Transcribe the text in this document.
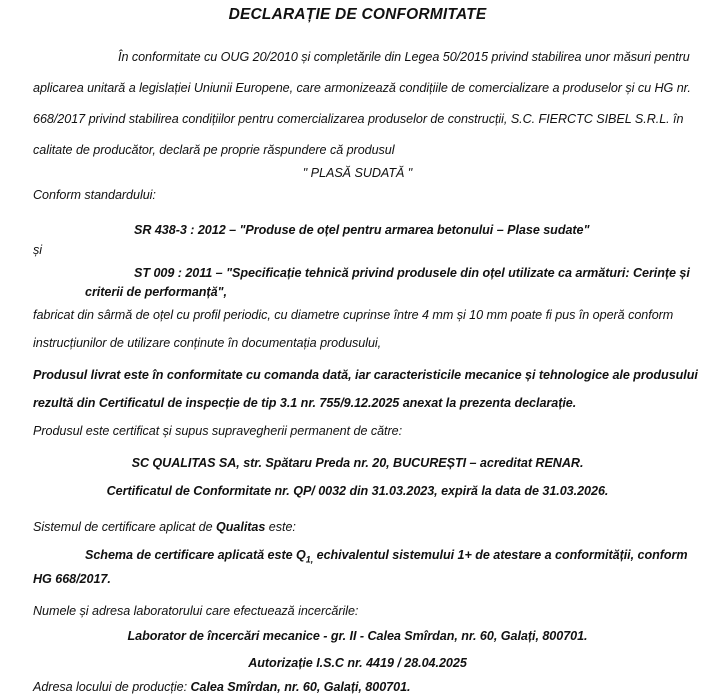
DECLARAȚIE DE CONFORMITATE
În conformitate cu OUG 20/2010 și completările din Legea 50/2015 privind stabilirea unor măsuri pentru
aplicarea unitară a legislației Uniunii Europene, care armonizează condițiile de comercializare a produselor și cu HG nr.
668/2017 privind stabilirea condițiilor pentru comercializarea produselor de construcții, S.C. FIERCTC SIBEL S.R.L. în
calitate de producător, declară pe proprie răspundere că produsul
" PLASĂ SUDATĂ "
Conform standardului:
SR 438-3 : 2012 – "Produse de oțel pentru armarea betonului – Plase sudate"
și
ST 009 : 2011 – "Specificație tehnică privind produsele din oțel utilizate ca armături: Cerințe și
criterii de performanță",
fabricat din sârmă de oțel cu profil periodic, cu diametre cuprinse între 4 mm și 10 mm poate fi pus în operă conform
instrucțiunilor de utilizare conținute în documentația produsului,
Produsul livrat este în conformitate cu comanda dată, iar caracteristicile mecanice și tehnologice ale produsului
rezultă din Certificatul de inspecție de tip 3.1 nr. 755/9.12.2025 anexat la prezenta declarație.
Produsul este certificat și supus supravegherii permanent de către:
SC QUALITAS SA, str. Spătaru Preda nr. 20, BUCUREȘTI – acreditat RENAR.
Certificatul de Conformitate nr. QP/ 0032 din 31.03.2023, expiră la data de 31.03.2026.
Sistemul de certificare aplicat de Qualitas este:
Schema de certificare aplicată este $Q_{1,}$ echivalentul sistemului 1+ de atestare a conformității, conform
HG 668/2017.
Numele și adresa laboratorului care efectuează incercările:
Laborator de încercări mecanice - gr. II - Calea Smîrdan, nr. 60, Galați, 800701.
Autorizație I.S.C nr. 4419 / 28.04.2025
Adresa locului de producție: Calea Smîrdan, nr. 60, Galați, 800701.
